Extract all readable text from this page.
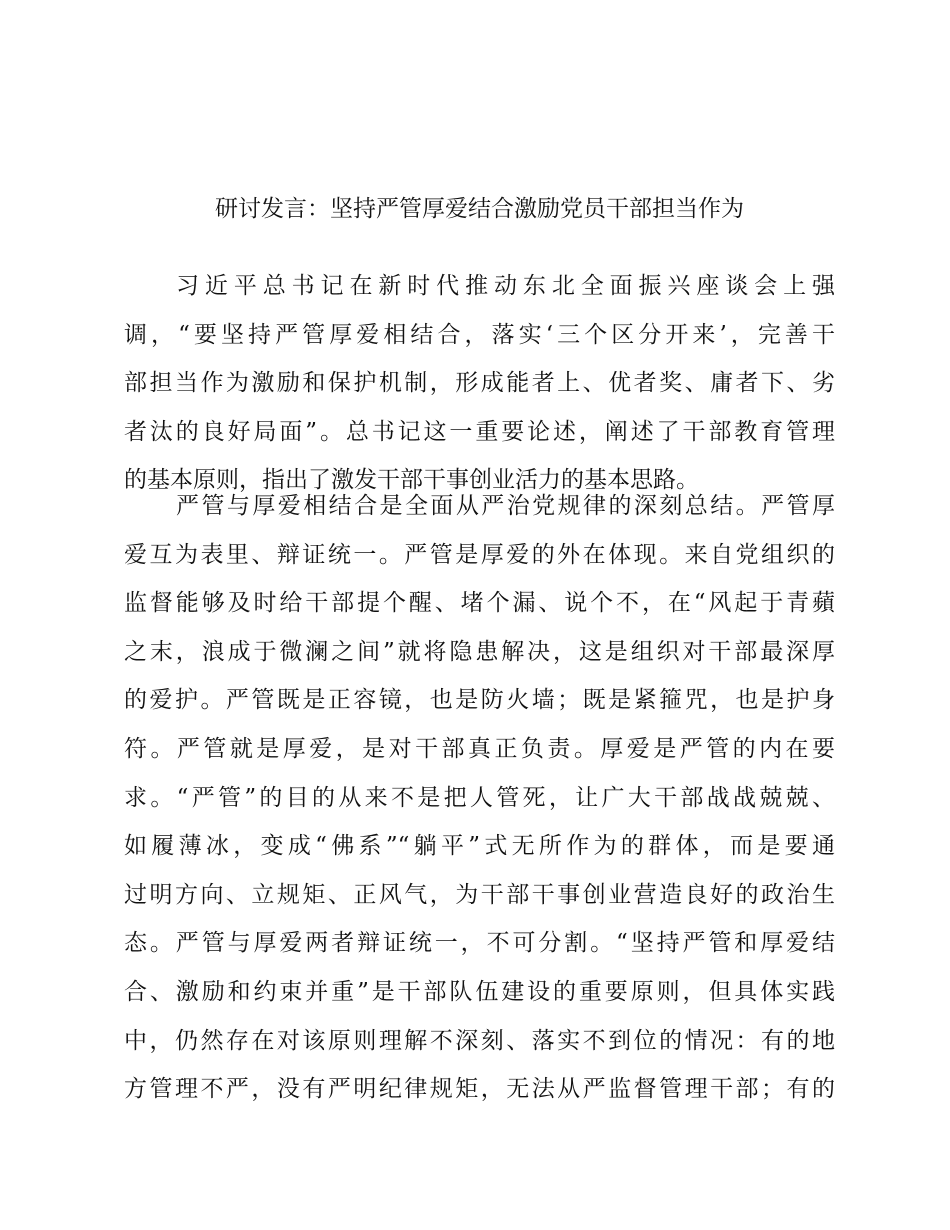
研讨发言：坚持严管厚爱结合激励党员干部担当作为
习近平总书记在新时代推动东北全面振兴座谈会上强
调，“要坚持严管厚爱相结合，落实‘三个区分开来’，完善干
部担当作为激励和保护机制，形成能者上、优者奖、庸者下、劣
者汰的良好局面”。总书记这一重要论述，阐述了干部教育管理
的基本原则，指出了激发干部干事创业活力的基本思路。
严管与厚爱相结合是全面从严治党规律的深刻总结。严管厚
爱互为表里、辩证统一。严管是厚爱的外在体现。来自党组织的
监督能够及时给干部提个醒、堵个漏、说个不，在“风起于青蘋
之末，浪成于微澜之间”就将隐患解决，这是组织对干部最深厚
的爱护。严管既是正容镜，也是防火墙；既是紧箍咒，也是护身
符。严管就是厚爱，是对干部真正负责。厚爱是严管的内在要
求。“严管”的目的从来不是把人管死，让广大干部战战兢兢、
如履薄冰，变成“佛系”“躺平”式无所作为的群体，而是要通
过明方向、立规矩、正风气，为干部干事创业营造良好的政治生
态。严管与厚爱两者辩证统一，不可分割。“坚持严管和厚爱结
合、激励和约束并重”是干部队伍建设的重要原则，但具体实践
中，仍然存在对该原则理解不深刻、落实不到位的情况：有的地
方管理不严，没有严明纪律规矩，无法从严监督管理干部；有的
